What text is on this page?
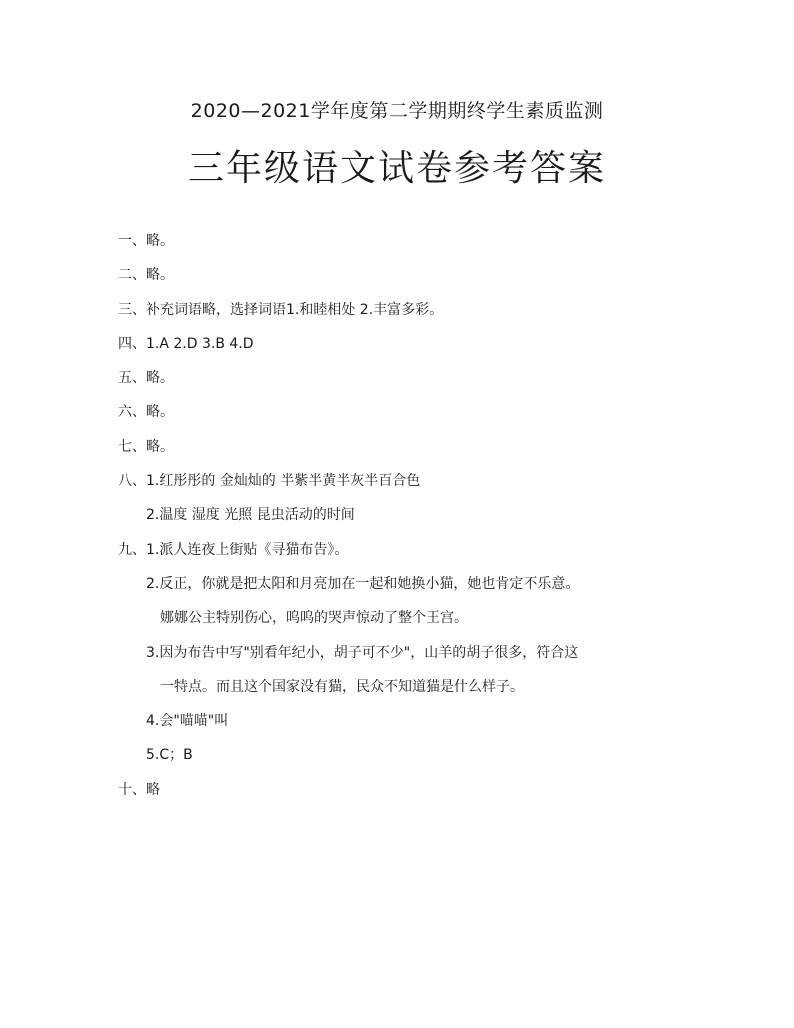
2020—2021学年度第二学期期终学生素质监测
三年级语文试卷参考答案
一、略。
二、略。
三、补充词语略，选择词语1.和睦相处 2.丰富多彩。
四、1.A 2.D 3.B 4.D
五、略。
六、略。
七、略。
八、1.红彤彤的 金灿灿的 半紫半黄半灰半百合色
2.温度 湿度 光照 昆虫活动的时间
九、1.派人连夜上街贴《寻猫布告》。
2.反正，你就是把太阳和月亮加在一起和她换小猫，她也肯定不乐意。
娜娜公主特别伤心，呜呜的哭声惊动了整个王宫。
3.因为布告中写"别看年纪小，胡子可不少"，山羊的胡子很多，符合这
一特点。而且这个国家没有猫，民众不知道猫是什么样子。
4.会"喵喵"叫
5.C；B
十、略
